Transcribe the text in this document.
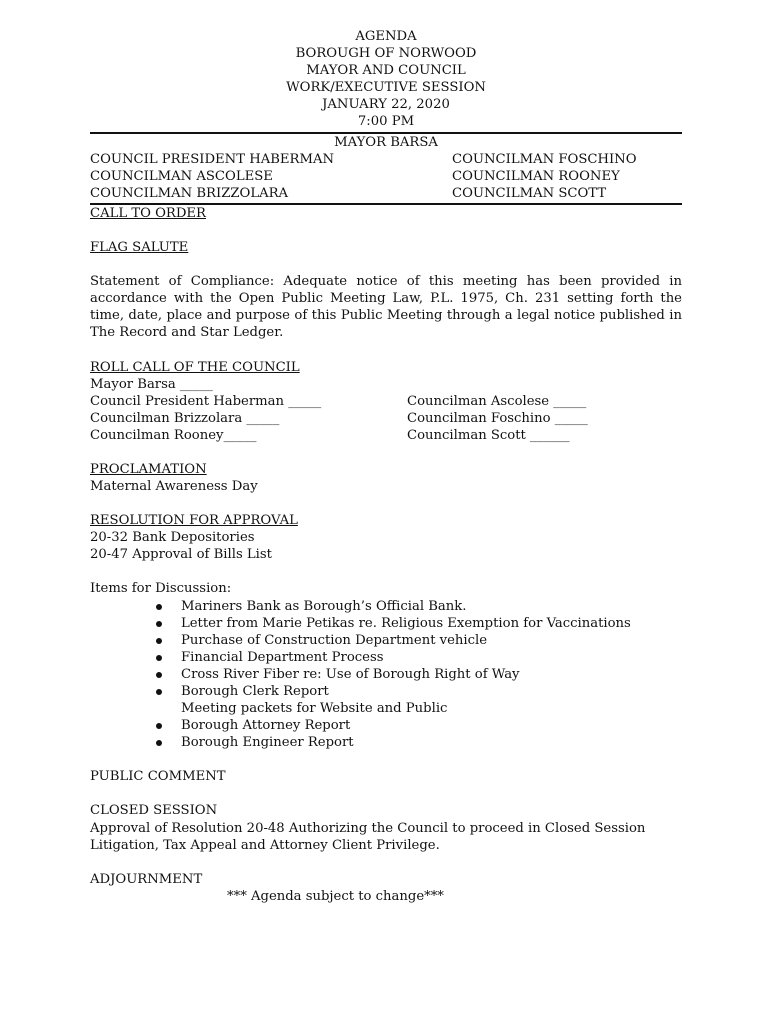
AGENDA
BOROUGH OF NORWOOD
MAYOR AND COUNCIL
WORK/EXECUTIVE SESSION
JANUARY 22, 2020
7:00 PM
MAYOR BARSA
COUNCIL PRESIDENT HABERMAN
COUNCILMAN ASCOLESE
COUNCILMAN BRIZZOLARA
COUNCILMAN FOSCHINO
COUNCILMAN ROONEY
COUNCILMAN SCOTT
CALL TO ORDER
FLAG SALUTE
Statement of Compliance: Adequate notice of this meeting has been provided in accordance with the Open Public Meeting Law, P.L. 1975, Ch. 231 setting forth the time, date, place and purpose of this Public Meeting through a legal notice published in The Record and Star Ledger.
ROLL CALL OF THE COUNCIL
Mayor Barsa _____
Council President Haberman _____
Councilman Brizzolara _____
Councilman Rooney_____
Councilman Ascolese _____
Councilman Foschino _____
Councilman Scott ______
PROCLAMATION
Maternal Awareness Day
RESOLUTION FOR APPROVAL
20-32 Bank Depositories
20-47 Approval of Bills List
Items for Discussion:
Mariners Bank as Borough’s Official Bank.
Letter from Marie Petikas re. Religious Exemption for Vaccinations
Purchase of Construction Department vehicle
Financial Department Process
Cross River Fiber re: Use of Borough Right of Way
Borough Clerk Report
Meeting packets for Website and Public
Borough Attorney Report
Borough Engineer Report
PUBLIC COMMENT
CLOSED SESSION
Approval of Resolution 20-48 Authorizing the Council to proceed in Closed Session
Litigation, Tax Appeal and Attorney Client Privilege.
ADJOURNMENT
*** Agenda subject to change***
